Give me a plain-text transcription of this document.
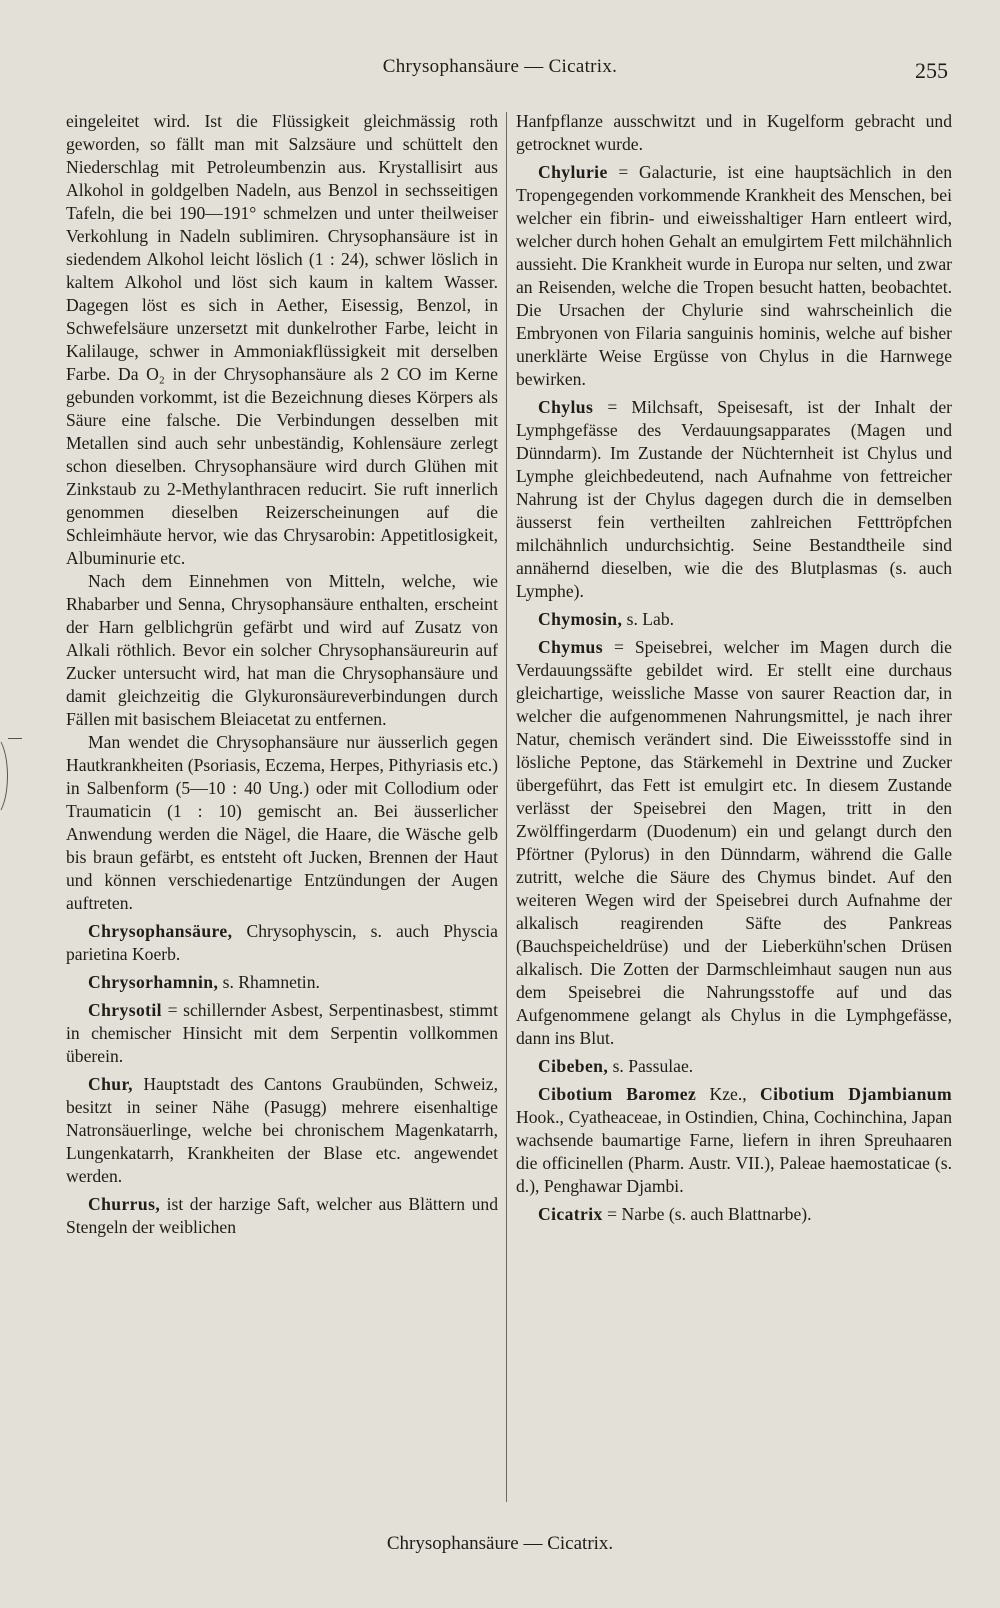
Chrysophansäure — Cicatrix.	255

eingeleitet wird. Ist die Flüssigkeit gleichmässig roth geworden, so fällt man mit Salzsäure und schüttelt den Niederschlag mit Petroleumbenzin aus. Krystallisirt aus Alkohol in goldgelben Nadeln, aus Benzol in sechsseitigen Tafeln, die bei 190—191° schmelzen und unter theilweiser Verkohlung in Nadeln sublimiren. Chrysophansäure ist in siedendem Alkohol leicht löslich (1 : 24), schwer löslich in kaltem Alkohol und löst sich kaum in kaltem Wasser. Dagegen löst es sich in Aether, Eisessig, Benzol, in Schwefelsäure unzersetzt mit dunkelrother Farbe, leicht in Kalilauge, schwer in Ammoniakflüssigkeit mit derselben Farbe. Da O₂ in der Chrysophansäure als 2 CO im Kerne gebunden vorkommt, ist die Bezeichnung dieses Körpers als Säure eine falsche. Die Verbindungen desselben mit Metallen sind auch sehr unbeständig, Kohlensäure zerlegt schon dieselben. Chrysophansäure wird durch Glühen mit Zinkstaub zu 2-Methylanthracen reducirt. Sie ruft innerlich genommen dieselben Reizerscheinungen auf die Schleimhäute hervor, wie das Chrysarobin: Appetitlosigkeit, Albuminurie etc.

Nach dem Einnehmen von Mitteln, welche, wie Rhabarber und Senna, Chrysophansäure enthalten, erscheint der Harn gelblichgrün gefärbt und wird auf Zusatz von Alkali röthlich. Bevor ein solcher Chrysophansäureurin auf Zucker untersucht wird, hat man die Chrysophansäure und damit gleichzeitig die Glykuronsäureverbindungen durch Fällen mit basischem Bleiacetat zu entfernen.

Man wendet die Chrysophansäure nur äusserlich gegen Hautkrankheiten (Psoriasis, Eczema, Herpes, Pithyriasis etc.) in Salbenform (5—10 : 40 Ung.) oder mit Collodium oder Traumaticin (1 : 10) gemischt an. Bei äusserlicher Anwendung werden die Nägel, die Haare, die Wäsche gelb bis braun gefärbt, es entsteht oft Jucken, Brennen der Haut und können verschiedenartige Entzündungen der Augen auftreten.

Chrysophansäure, Chrysophyscin, s. auch Physcia parietina Koerb.

Chrysorhamnin, s. Rhamnetin.

Chrysotil = schillernder Asbest, Serpentinasbest, stimmt in chemischer Hinsicht mit dem Serpentin vollkommen überein.

Chur, Hauptstadt des Cantons Graubünden, Schweiz, besitzt in seiner Nähe (Pasugg) mehrere eisenhaltige Natronsäuerlinge, welche bei chronischem Magenkatarrh, Lungenkatarrh, Krankheiten der Blase etc. angewendet werden.

Churrus, ist der harzige Saft, welcher aus Blättern und Stengeln der weiblichen

Hanfpflanze ausschwitzt und in Kugelform gebracht und getrocknet wurde.

Chylurie = Galacturie, ist eine hauptsächlich in den Tropengegenden vorkommende Krankheit des Menschen, bei welcher ein fibrin- und eiweisshaltiger Harn entleert wird, welcher durch hohen Gehalt an emulgirtem Fett milchähnlich aussieht. Die Krankheit wurde in Europa nur selten, und zwar an Reisenden, welche die Tropen besucht hatten, beobachtet. Die Ursachen der Chylurie sind wahrscheinlich die Embryonen von Filaria sanguinis hominis, welche auf bisher unerklärte Weise Ergüsse von Chylus in die Harnwege bewirken.

Chylus = Milchsaft, Speisesaft, ist der Inhalt der Lymphgefässe des Verdauungsapparates (Magen und Dünndarm). Im Zustande der Nüchternheit ist Chylus und Lymphe gleichbedeutend, nach Aufnahme von fettreicher Nahrung ist der Chylus dagegen durch die in demselben äusserst fein vertheilten zahlreichen Fetttröpfchen milchähnlich undurchsichtig. Seine Bestandtheile sind annähernd dieselben, wie die des Blutplasmas (s. auch Lymphe).

Chymosin, s. Lab.

Chymus = Speisebrei, welcher im Magen durch die Verdauungssäfte gebildet wird. Er stellt eine durchaus gleichartige, weissliche Masse von saurer Reaction dar, in welcher die aufgenommenen Nahrungsmittel, je nach ihrer Natur, chemisch verändert sind. Die Eiweissstoffe sind in lösliche Peptone, das Stärkemehl in Dextrine und Zucker übergeführt, das Fett ist emulgirt etc. In diesem Zustande verlässt der Speisebrei den Magen, tritt in den Zwölffingerdarm (Duodenum) ein und gelangt durch den Pförtner (Pylorus) in den Dünndarm, während die Galle zutritt, welche die Säure des Chymus bindet. Auf den weiteren Wegen wird der Speisebrei durch Aufnahme der alkalisch reagirenden Säfte des Pankreas (Bauchspeicheldrüse) und der Lieberkühn'schen Drüsen alkalisch. Die Zotten der Darmschleimhaut saugen nun aus dem Speisebrei die Nahrungsstoffe auf und das Aufgenommene gelangt als Chylus in die Lymphgefässe, dann ins Blut.

Cibeben, s. Passulae.

Cibotium Baromez Kze., Cibotium Djambianum Hook., Cyatheaceae, in Ostindien, China, Cochinchina, Japan wachsende baumartige Farne, liefern in ihren Spreuhaaren die officinellen (Pharm. Austr. VII.), Paleae haemostaticae (s. d.), Penghawar Djambi.

Cicatrix = Narbe (s. auch Blattnarbe).

Chrysophansäure — Cicatrix.
